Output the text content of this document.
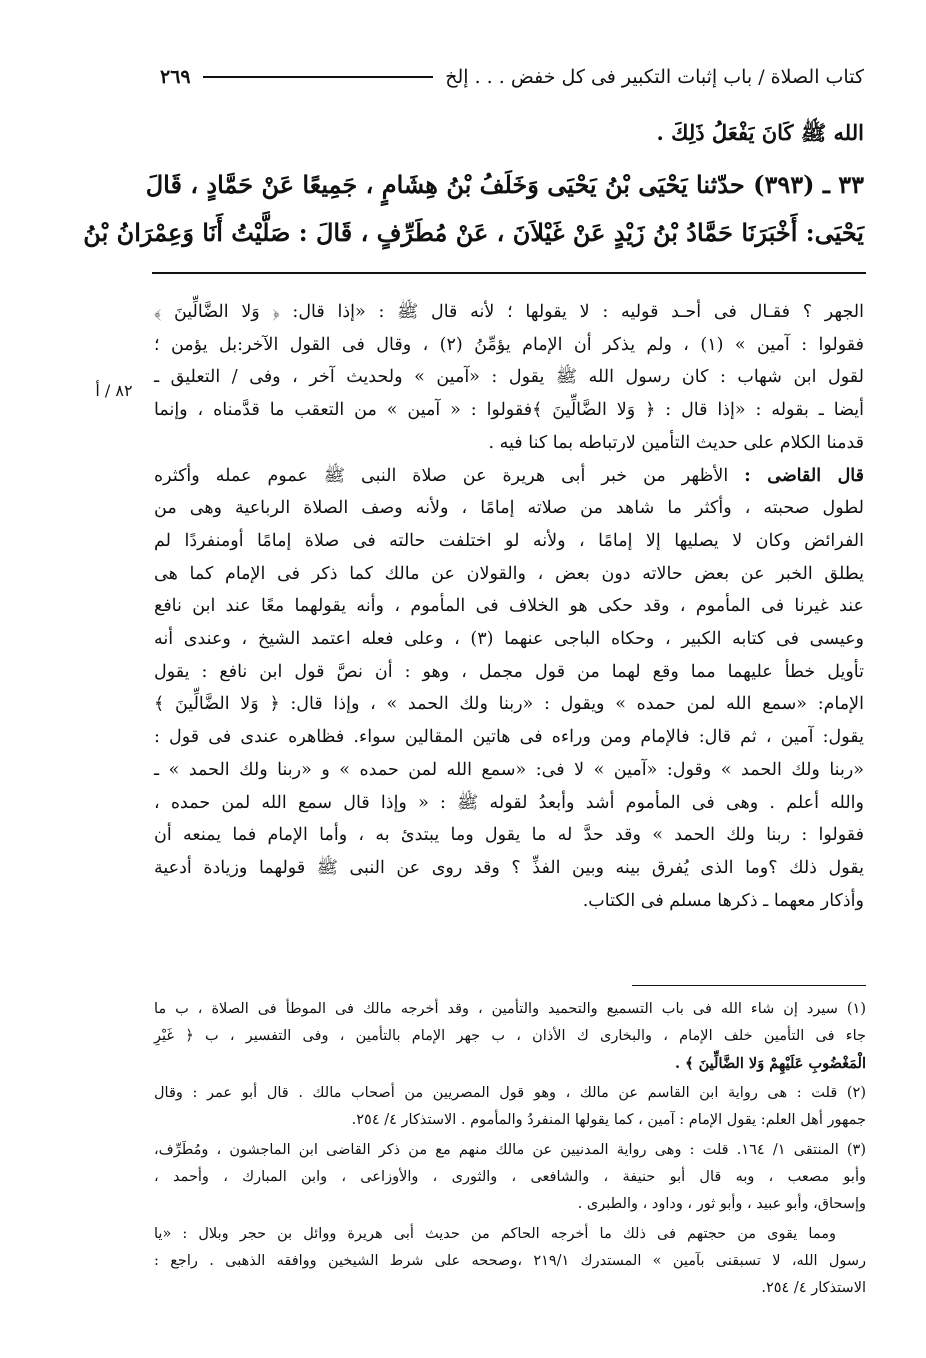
كتاب الصلاة / باب إثبات التكبير فى كل خفض . . . إلخ
٢٦٩

الله ﷺ كَانَ يَفْعَلُ ذَلِكَ .

٣٣ ـ (٣٩٣) حدّثنا يَحْيَى بْنُ يَحْيَى وَخَلَفُ بْنُ هِشَامٍ ، جَمِيعًا عَنْ حَمَّادٍ ، قَالَ

يَحْيَى: أَخْبَرَنَا حَمَّادُ بْنُ زَيْدٍ عَنْ غَيْلاَنَ ، عَنْ مُطَرِّفٍ ، قَالَ : صَلَّيْتُ أَنَا وَعِمْرَانُ بْنُ

٨٢ / أ
الجهر ؟ فقـال فى أحـد قوليه : لا يقولها ؛ لأنه قال ﷺ : «إذا قال: ﴿ وَلا الضَّالِّينَ ﴾
فقولوا : آمين » (١) ، ولم يذكر أن الإمام يؤمِّنُ (٢) ، وقال فى القول الآخر:بل يؤمن ؛
لقول ابن شهاب : كان رسول الله ﷺ يقول : «آمين » ولحديث آخر ، وفى / التعليق ـ
أيضا ـ بقوله : «إذا قال : ﴿ وَلا الضَّالِّينَ ﴾فقولوا : « آمين » من التعقب ما قدَّمناه ، وإنما
قدمنا الكلام على حديث التأمين لارتباطه بما كنا فيه .
قال القاضى : الأظهر من خبر أبى هريرة عن صلاة النبى ﷺ عموم عمله وأكثره
لطول صحبته ، وأكثر ما شاهد من صلاته إمامًا ، ولأنه وصف الصلاة الرباعية وهى من
الفرائض وكان لا يصليها إلا إمامًا ، ولأنه لو اختلفت حالته فى صلاة إمامًا أومنفردًا لم
يطلق الخبر عن بعض حالاته دون بعض ، والقولان عن مالك كما ذكر فى الإمام كما هى
عند غيرنا فى المأموم ، وقد حكى هو الخلاف فى المأموم ، وأنه يقولهما معًا عند ابن نافع
وعيسى فى كتابه الكبير ، وحكاه الباجى عنهما (٣) ، وعلى فعله اعتمد الشيخ ، وعندى أنه
تأويل خطأ عليهما مما وقع لهما من قول مجمل ، وهو : أن نصَّ قول ابن نافع : يقول
الإمام: «سمع الله لمن حمده » ويقول : «ربنا ولك الحمد » ، وإذا قال: ﴿ وَلا الضَّالِّينَ ﴾
يقول: آمين ، ثم قال: فالإمام ومن وراءه فى هاتين المقالين سواء. فظاهره عندى فى قول :
«ربنا ولك الحمد » وقول: «آمين » لا فى: «سمع الله لمن حمده » و «ربنا ولك الحمد » ـ
والله أعلم . وهى فى المأموم أشد وأبعدُ لقوله ﷺ : « وإذا قال سمع الله لمن حمده ،
فقولوا : ربنا ولك الحمد » وقد حدَّ له ما يقول وما يبتدئ به ، وأما الإمام فما يمنعه أن
يقول ذلك ؟وما الذى يُفرق بينه وبين الفذِّ ؟ وقد روى عن النبى ﷺ قولهما وزيادة أدعية
وأذكار معهما ـ ذكرها مسلم فى الكتاب.
(١) سيرد إن شاء الله فى باب التسميع والتحميد والتأمين ، وقد أخرجه مالك فى الموطأ فى الصلاة ، ب ما
جاء فى التأمين خلف الإمام ، والبخارى ك الأذان ، ب جهر الإمام بالتأمين ، وفى التفسير ، ب ﴿ غَيْرِ
الْمَغْضُوبِ عَلَيْهِمْ وَلا الضَّالِّينَ ﴾ .
(٢) قلت : هى رواية ابن القاسم عن مالك ، وهو قول المصريين من أصحاب مالك . قال أبو عمر : وقال
جمهور أهل العلم: يقول الإمام : آمين ، كما يقولها المنفردُ والمأموم . الاستذكار ٤/ ٢٥٤.
(٣) المنتقى ١/ ١٦٤. قلت : وهى رواية المدنيين عن مالك منهم مع من ذكر القاضى ابن الماجشون ، ومُطَرِّف،
وأبو مصعب ، وبه قال أبو حنيفة ، والشافعى ، والثورى ، والأوزاعى ، وابن المبارك ، وأحمد ،
وإسحاق، وأبو عبيد ، وأبو ثور ، وداود ، والطبرى .
ومما يقوى من حجتهم فى ذلك ما أخرجه الحاكم من حديث أبى هريرة ووائل بن حجر وبلال : «يا
رسول الله، لا تسبقنى بآمين » المستدرك ٢١٩/١ ،وصححه على شرط الشيخين ووافقه الذهبى . راجع :
الاستذكار ٤/ ٢٥٤.
